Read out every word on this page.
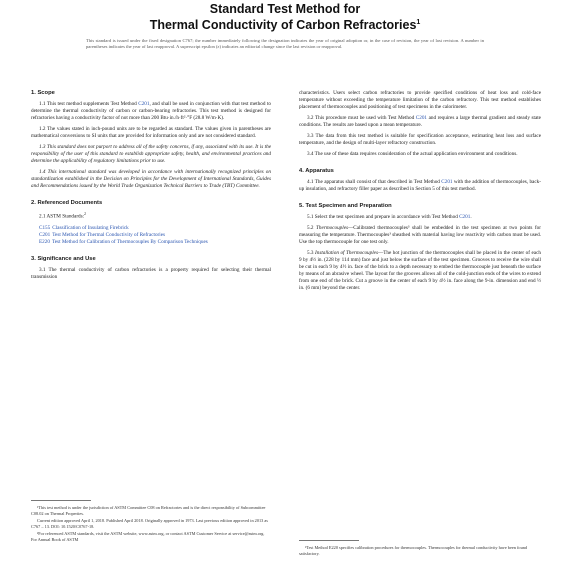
Standard Test Method for
Thermal Conductivity of Carbon Refractories$^1$
This standard is issued under the fixed designation C767; the number immediately following the designation indicates the year of original adoption or, in the case of revision, the year of last revision. A number in parentheses indicates the year of last reapproval. A superscript epsilon (ε) indicates an editorial change since the last revision or reapproval.
1. Scope
1.1 This test method supplements Test Method C201, and shall be used in conjunction with that test method to determine the thermal conductivity of carbon or carbon-bearing refractories. This test method is designed for refractories having a conductivity factor of not more than 200 Btu·in./h·ft²·°F (28.8 W/m·K).
1.2 The values stated in inch-pound units are to be regarded as standard. The values given in parentheses are mathematical conversions to SI units that are provided for information only and are not considered standard.
1.3 This standard does not purport to address all of the safety concerns, if any, associated with its use. It is the responsibility of the user of this standard to establish appropriate safety, health, and environmental practices and determine the applicability of regulatory limitations prior to use.
1.4 This international standard was developed in accordance with internationally recognized principles on standardization established in the Decision on Principles for the Development of International Standards, Guides and Recommendations issued by the World Trade Organization Technical Barriers to Trade (TBT) Committee.
2. Referenced Documents
2.1 ASTM Standards:$^2$
C155 Classification of Insulating Firebrick
C201 Test Method for Thermal Conductivity of Refractories
E220 Test Method for Calibration of Thermocouples By Comparison Techniques
3. Significance and Use
3.1 The thermal conductivity of carbon refractories is a property required for selecting their thermal transmission
characteristics. Users select carbon refractories to provide specified conditions of heat loss and cold-face temperature without exceeding the temperature limitation of the carbon refractory. This test method establishes placement of thermocouples and positioning of test specimens in the calorimeter.
3.2 This procedure must be used with Test Method C201 and requires a large thermal gradient and steady state conditions. The results are based upon a mean temperature.
3.3 The data from this test method is suitable for specification acceptance, estimating heat loss and surface temperature, and the design of multi-layer refractory construction.
3.4 The use of these data requires consideration of the actual application environment and conditions.
4. Apparatus
4.1 The apparatus shall consist of that described in Test Method C201 with the addition of thermocouples, back-up insulation, and refractory filler paper as described in Section 5 of this test method.
5. Test Specimen and Preparation
5.1 Select the test specimen and prepare in accordance with Test Method C201.
5.2 Thermocouples—Calibrated thermocouples³ shall be embedded in the test specimen at two points for measuring the temperature. Thermocouples³ sheathed with material having low reactivity with carbon must be used. Use the top thermocouple for one test only.
5.3 Installation of Thermocouples—The hot junction of the thermocouples shall be placed in the center of each 9 by 4½ in. (228 by 114 mm) face and just below the surface of the test specimen. Grooves to receive the wire shall be cut in each 9 by 4½ in. face of the brick to a depth necessary to embed the thermocouple just beneath the surface by means of an abrasive wheel. The layout for the grooves allows all of the cold-junction ends of the wires to extend from one end of the brick. Cut a groove in the center of each 9 by 4½ in. face along the 9-in. dimension and end ½ in. (6 mm) beyond the center.

¹This test method is under the jurisdiction of ASTM Committee C08 on Refractories and is the direct responsibility of Subcommittee C08.02 on Thermal Properties.

Current edition approved April 1, 2018. Published April 2018. Originally approved in 1973. Last previous edition approved in 2013 as C767 – 13. DOI: 10.1520/C0767-18.

²For referenced ASTM standards, visit the ASTM website, www.astm.org, or contact ASTM Customer Service at service@astm.org. For Annual Book of ASTM

³Test Method E220 specifies calibration procedures for thermocouples. Thermocouples for thermal conductivity have been found satisfactory.
